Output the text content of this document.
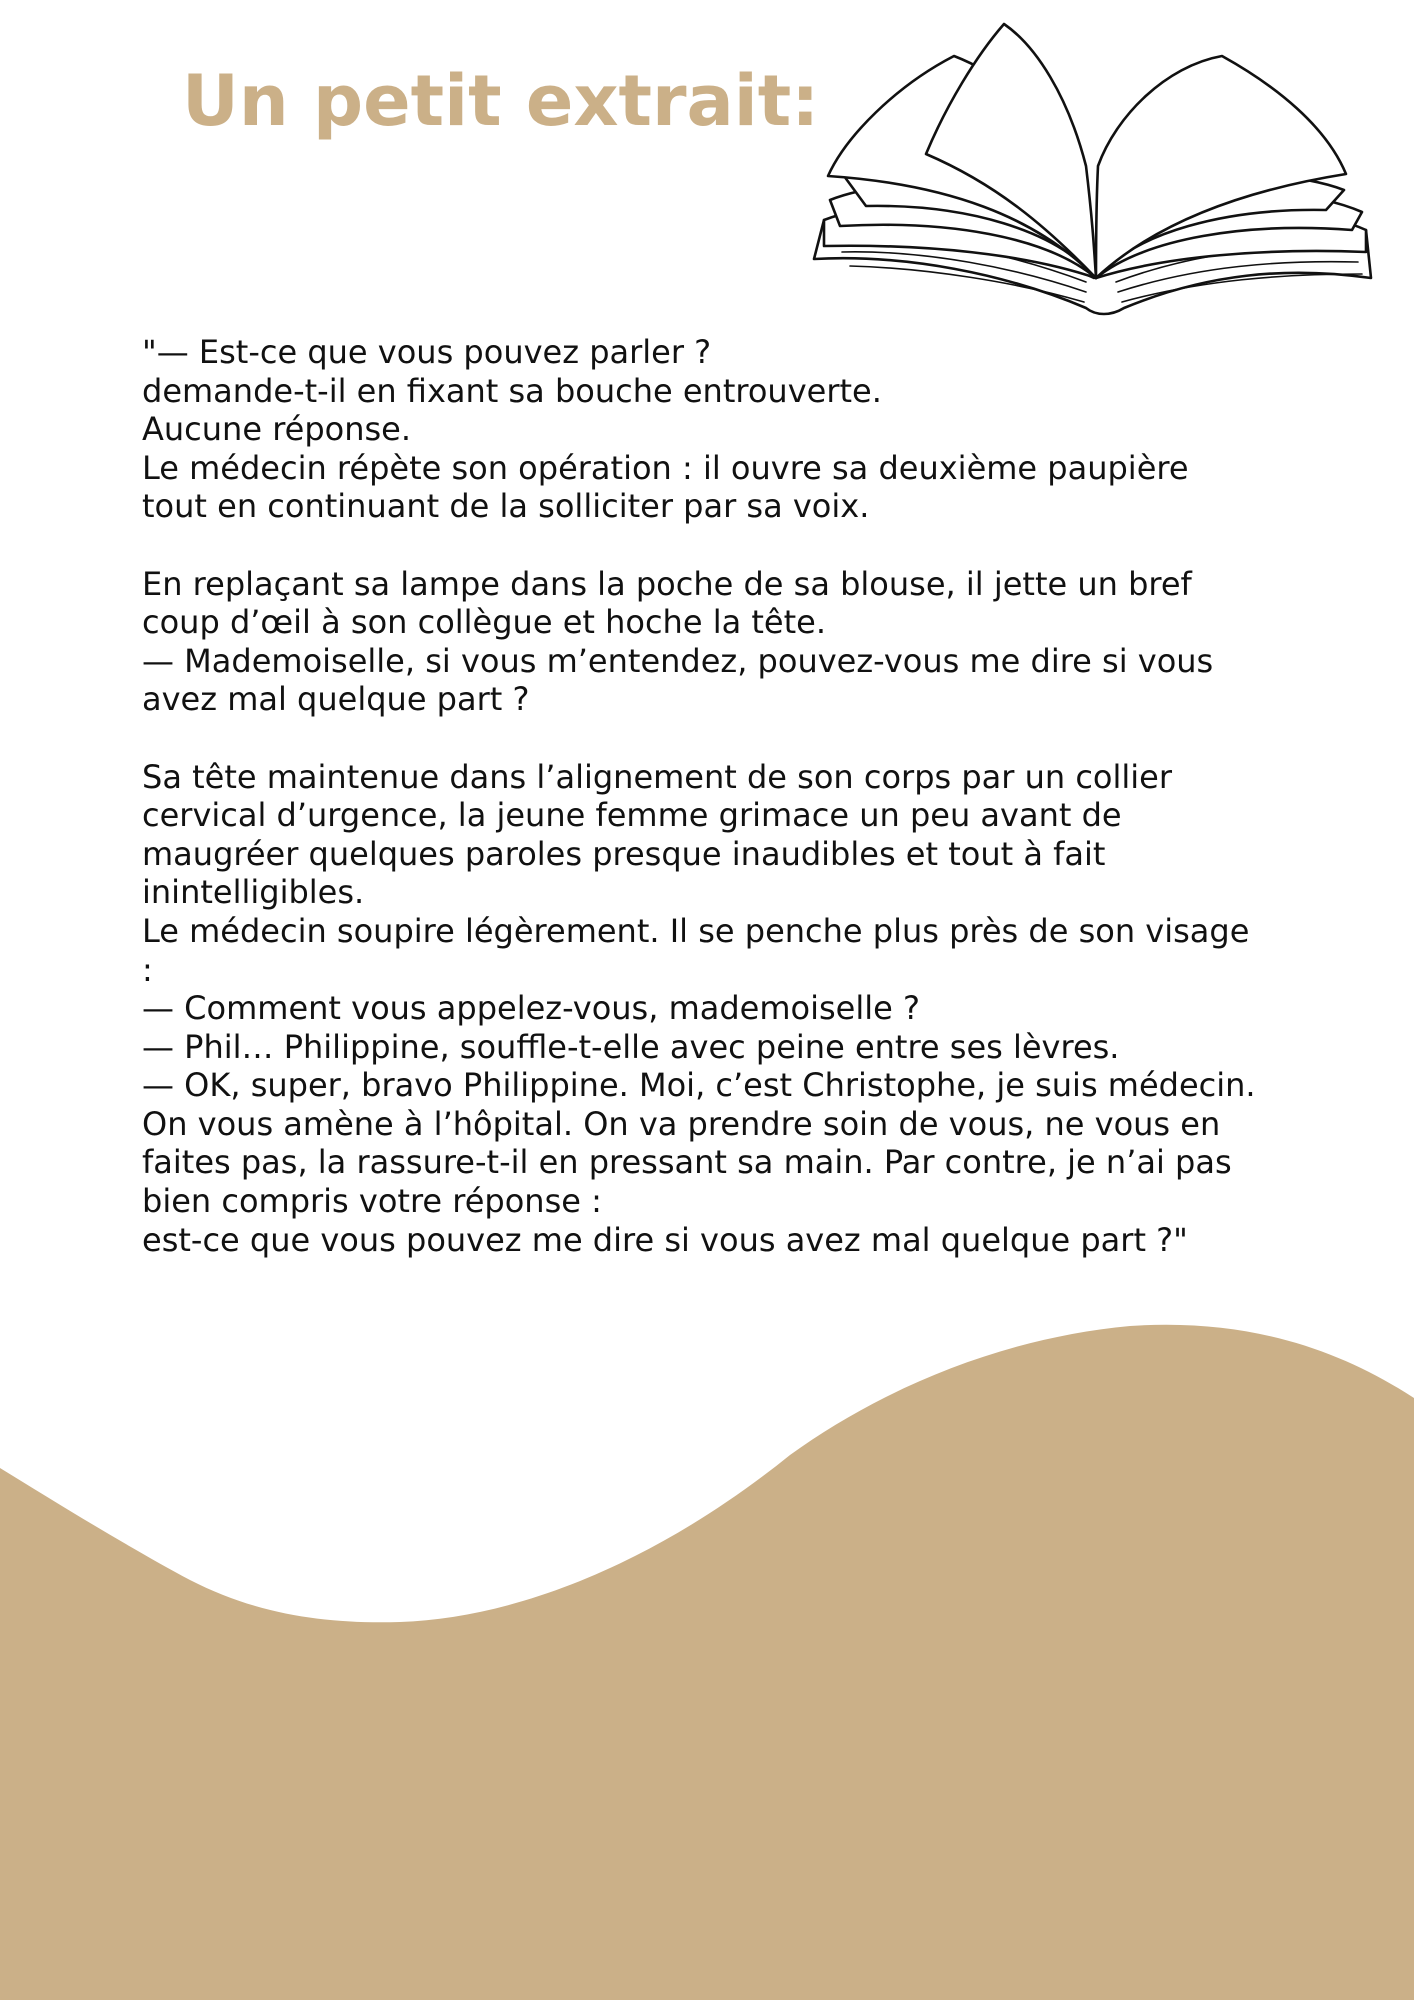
Un petit extrait:

"— Est-ce que vous pouvez parler ?
demande-t-il en fixant sa bouche entrouverte.
Aucune réponse.
Le médecin répète son opération : il ouvre sa deuxième paupière tout en continuant de la solliciter par sa voix.

En replaçant sa lampe dans la poche de sa blouse, il jette un bref coup d’œil à son collègue et hoche la tête.
— Mademoiselle, si vous m’entendez, pouvez-vous me dire si vous avez mal quelque part ?

Sa tête maintenue dans l’alignement de son corps par un collier cervical d’urgence, la jeune femme grimace un peu avant de maugréer quelques paroles presque inaudibles et tout à fait inintelligibles.
Le médecin soupire légèrement. Il se penche plus près de son visage :
— Comment vous appelez-vous, mademoiselle ?
— Phil… Philippine, souffle-t-elle avec peine entre ses lèvres.
— OK, super, bravo Philippine. Moi, c’est Christophe, je suis médecin. On vous amène à l’hôpital. On va prendre soin de vous, ne vous en faites pas, la rassure-t-il en pressant sa main. Par contre, je n’ai pas bien compris votre réponse :
est-ce que vous pouvez me dire si vous avez mal quelque part ?"
